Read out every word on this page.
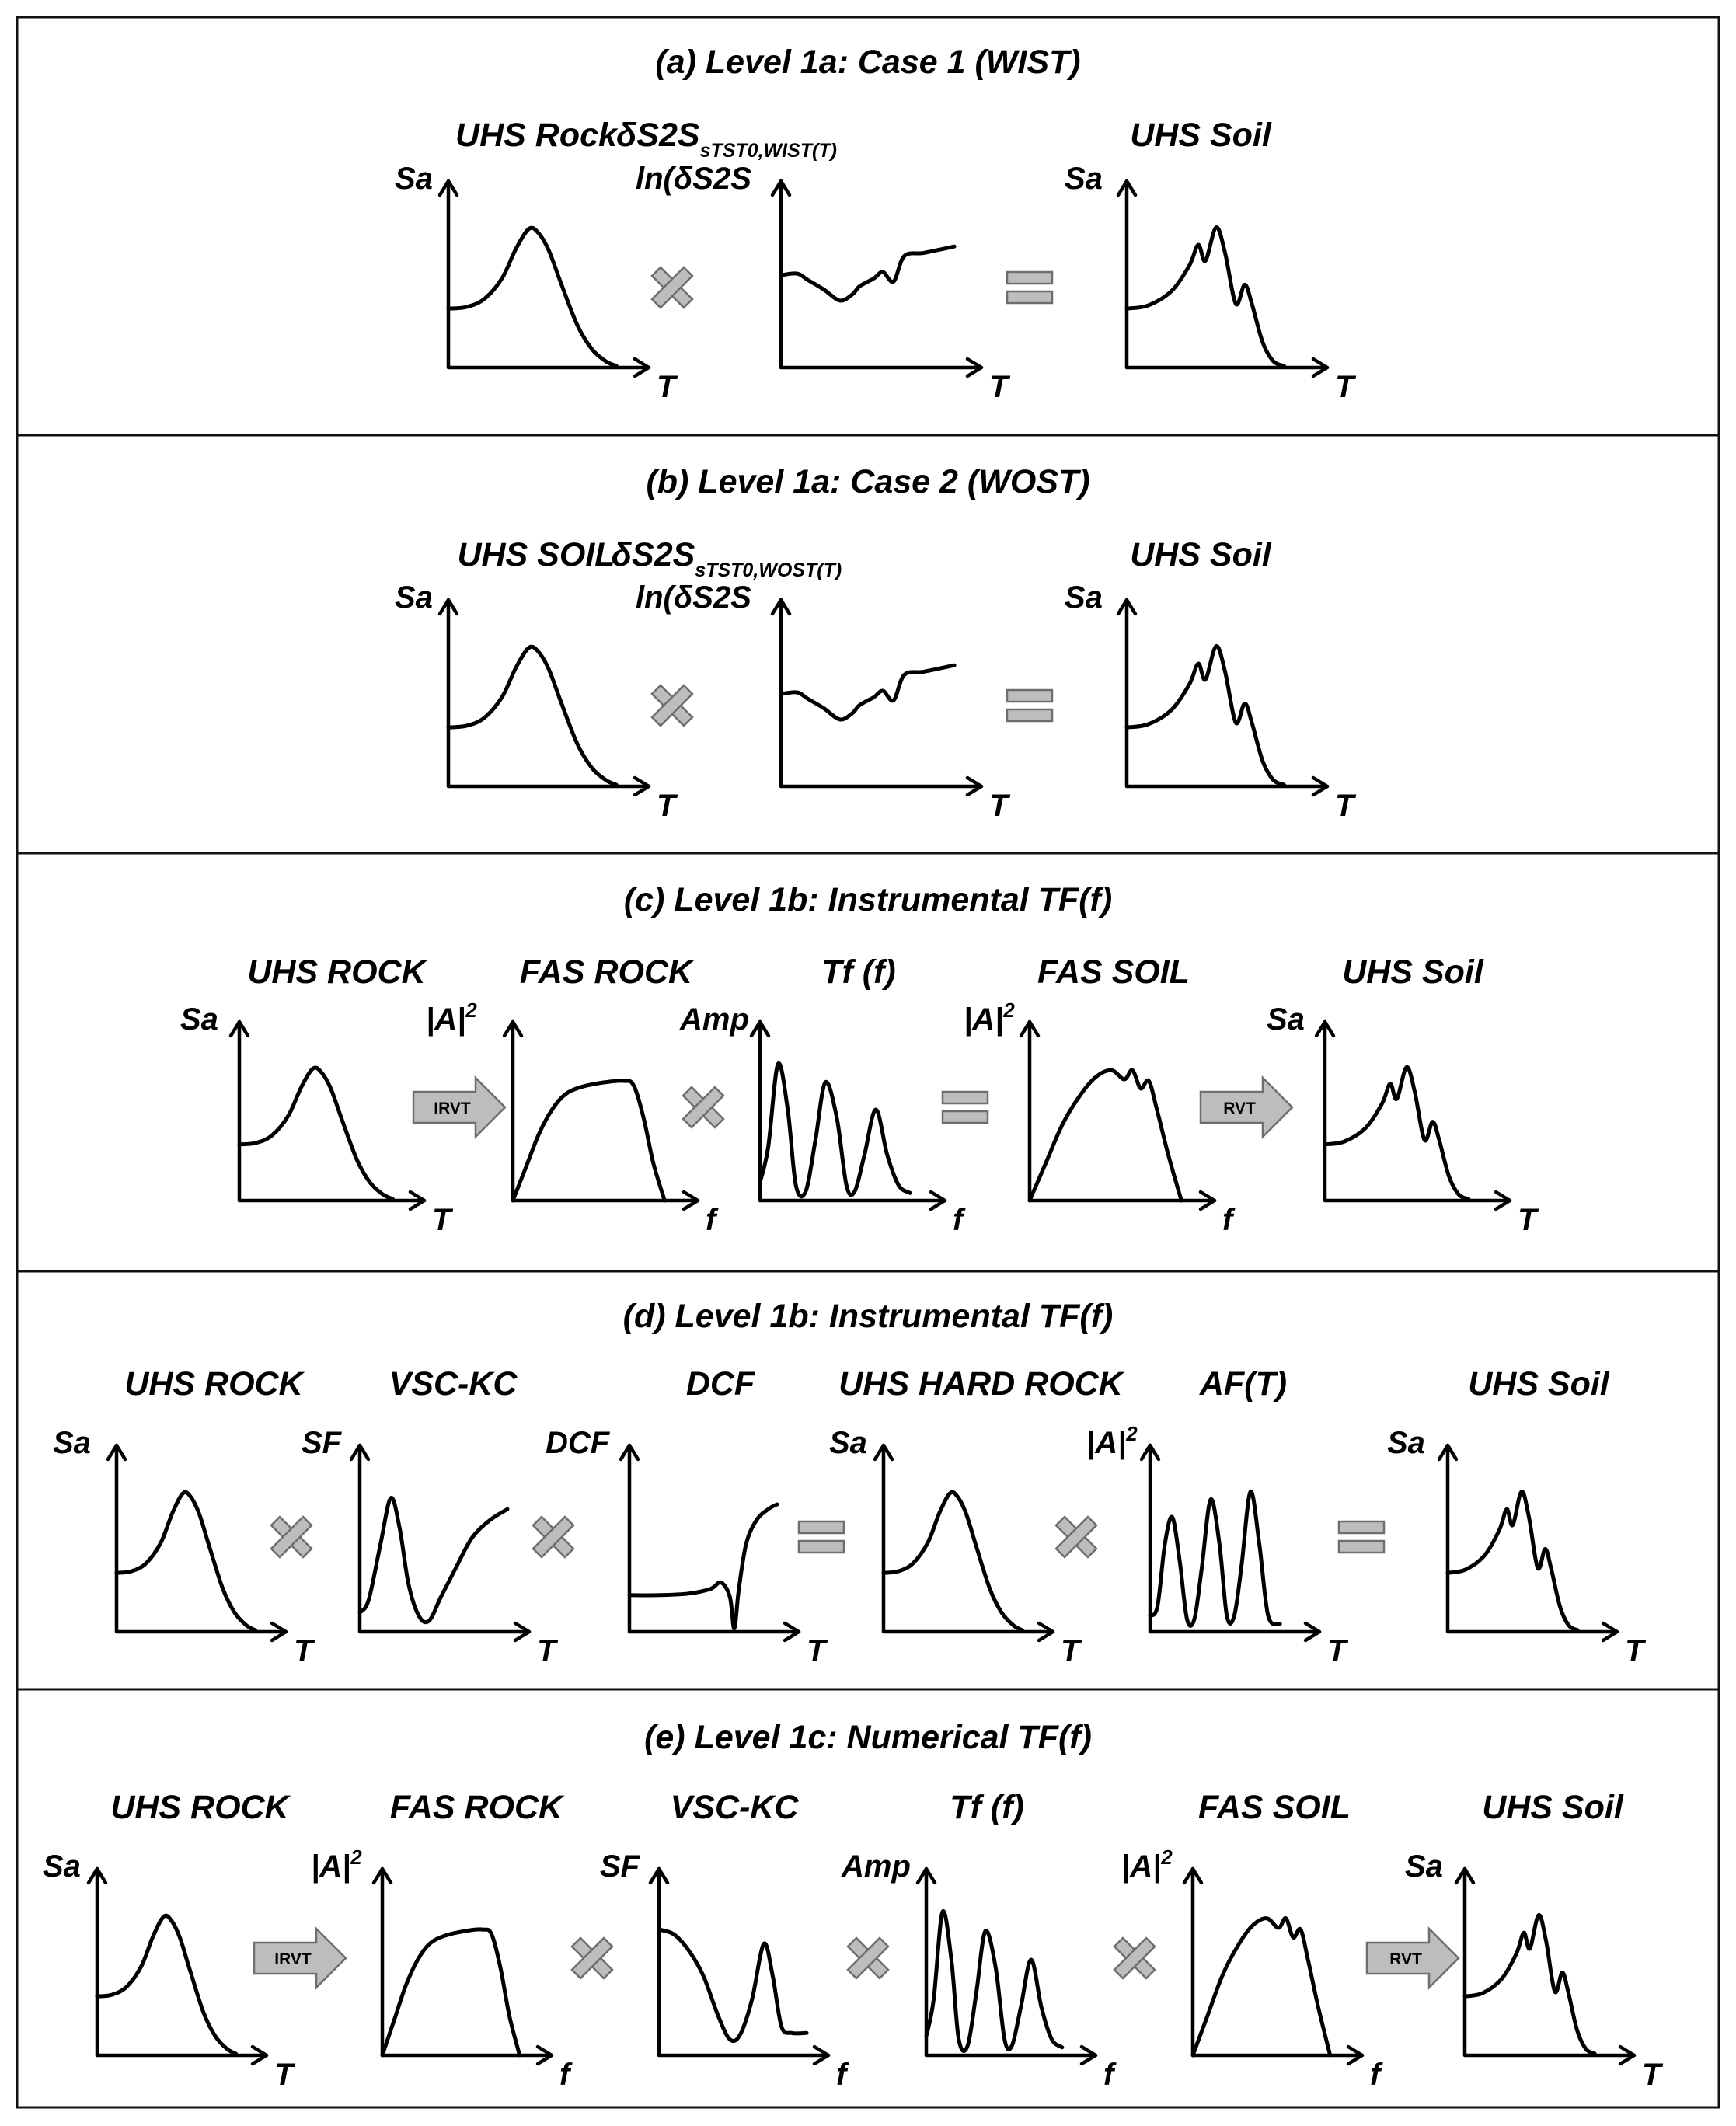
(a) Level 1a: Case 1 (WIST)
UHS Rock $\delta S2S_{sTST0,WIST(T)}$	UHS Soil
Sa
T
ln(δS2S
T
Sa
T
(b) Level 1a: Case 2 (WOST)
UHS SOIL
$\delta S2S_{sTST0,WOST(T)}$	UHS Soil
Sa
T
ln(δS2S
T
Sa
T
(c) Level 1b: Instrumental TF(f)
UHS ROCK	FAS ROCK	Tf (f)	FAS SOIL	UHS Soil
Sa
T
$|A|^2$
f
Amp
f
$|A|^2$
f
Sa
T
IRVT	RVT
(d) Level 1b: Instrumental TF(f)
UHS ROCK	VSC-KC	DCF	UHS HARD ROCK AF(T)	UHS Soil
Sa
T
SF
T
DCF
T
Sa
T
$|A|^2$
T
Sa
T
(e) Level 1c: Numerical TF(f)
UHS ROCK	FAS ROCK	VSC-KC	Tf (f)	FAS SOIL	UHS Soil
Sa
T
$|A|^2$
f
SF
f
Amp
f
$|A|^2$
f
Sa
T
IRVT	RVT
